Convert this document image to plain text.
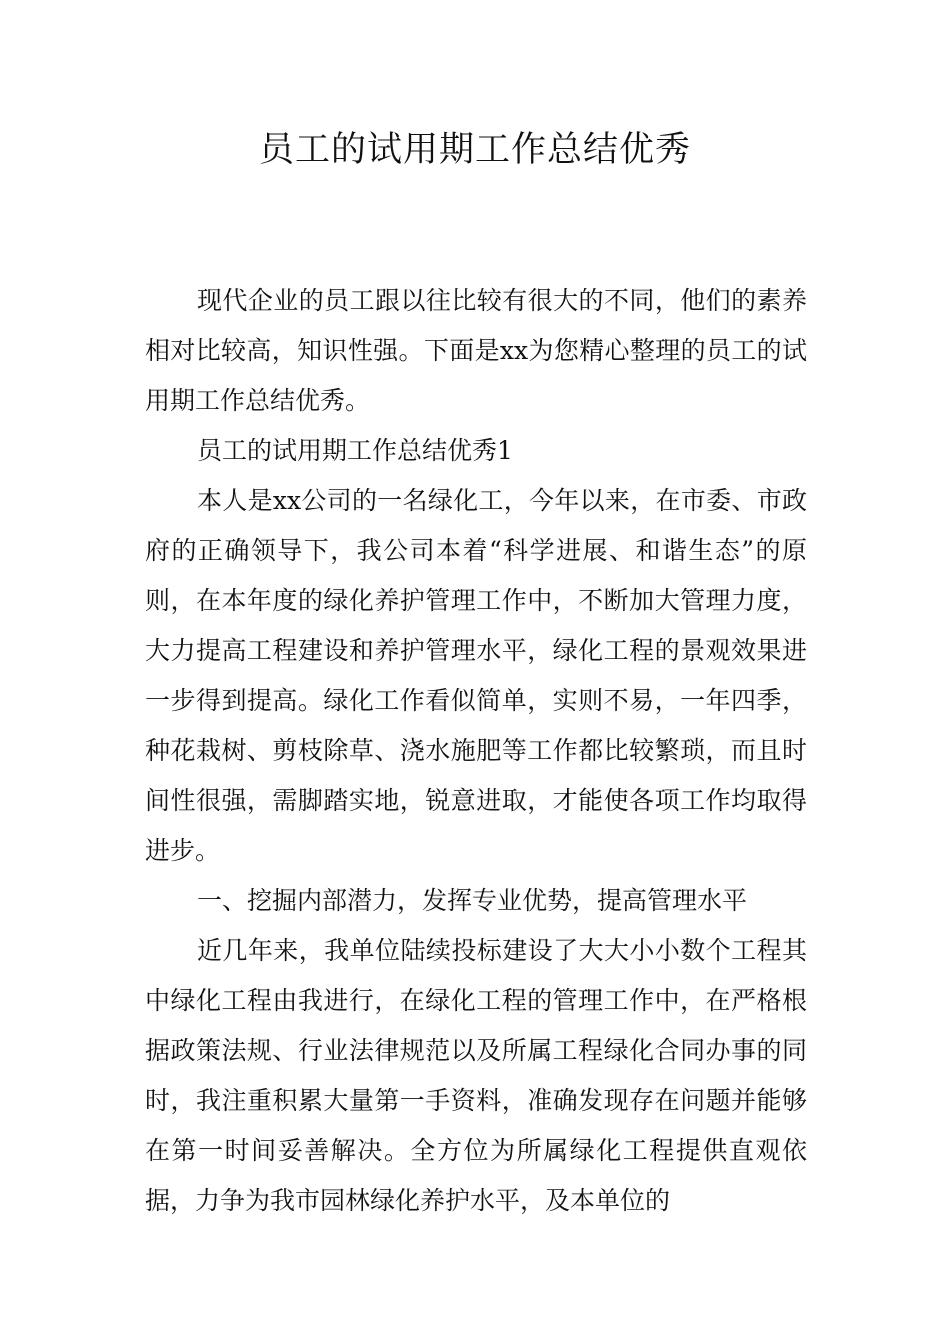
员工的试用期工作总结优秀

现代企业的员工跟以往比较有很大的不同，他们的素养相对比较高，知识性强。下面是xx为您精心整理的员工的试用期工作总结优秀。

员工的试用期工作总结优秀1

本人是xx公司的一名绿化工，今年以来，在市委、市政府的正确领导下，我公司本着“科学进展、和谐生态”的原则，在本年度的绿化养护管理工作中，不断加大管理力度，大力提高工程建设和养护管理水平，绿化工程的景观效果进一步得到提高。绿化工作看似简单，实则不易，一年四季，种花栽树、剪枝除草、浇水施肥等工作都比较繁琐，而且时间性很强，需脚踏实地，锐意进取，才能使各项工作均取得进步。

一、挖掘内部潜力，发挥专业优势，提高管理水平

近几年来，我单位陆续投标建设了大大小小数个工程其中绿化工程由我进行，在绿化工程的管理工作中，在严格根据政策法规、行业法律规范以及所属工程绿化合同办事的同时，我注重积累大量第一手资料，准确发现存在问题并能够在第一时间妥善解决。全方位为所属绿化工程提供直观依据，力争为我市园林绿化养护水平，及本单位的
